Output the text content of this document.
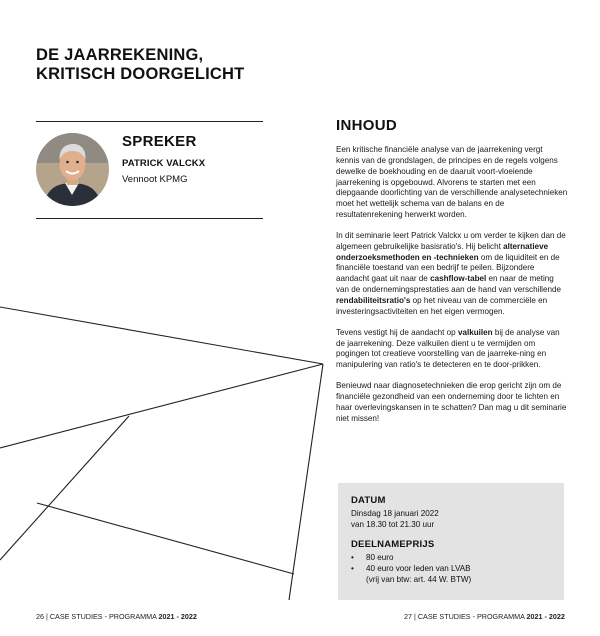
DE JAARREKENING,
KRITISCH DOORGELICHT
SPREKER
PATRICK VALCKX
Vennoot KPMG
INHOUD

Een kritische financiële analyse van de jaarrekening vergt kennis van de grondslagen, de principes en de regels volgens dewelke de boekhouding en de daaruit voort-vloeiende jaarrekening is opgebouwd. Alvorens te starten met een diepgaande doorlichting van de verschillende analysetechnieken moet het wettelijk schema van de balans en de resultatenrekening herwerkt worden.

In dit seminarie leert Patrick Valckx u om verder te kijken dan de algemeen gebruikelijke basisratio's. Hij belicht alternatieve onderzoeksmethoden en -technieken om de liquiditeit en de financiële toestand van een bedrijf te peilen. Bijzondere aandacht gaat uit naar de cashflow-tabel en naar de meting van de ondernemingsprestaties aan de hand van verschillende rendabiliteitsratio's op het niveau van de commerciële en investeringsactiviteiten en het eigen vermogen.

Tevens vestigt hij de aandacht op valkuilen bij de analyse van de jaarrekening. Deze valkuilen dient u te vermijden om pogingen tot creatieve voorstelling van de jaarreke-ning en manipulering van ratio's te detecteren en te door-prikken.

Benieuwd naar diagnosetechnieken die erop gericht zijn om de financiële gezondheid van een onderneming door te lichten en haar overlevingskansen in te schatten? Dan mag u dit seminarie niet missen!

DATUM
Dinsdag 18 januari 2022
van 18.30 tot 21.30 uur
DEELNAMEPRIJS
• 80 euro
• 40 euro voor leden van LVAB
(vrij van btw: art. 44 W. BTW)
26 | CASE STUDIES - PROGRAMMA 2021 - 2022	27 | CASE STUDIES - PROGRAMMA 2021 - 2022
